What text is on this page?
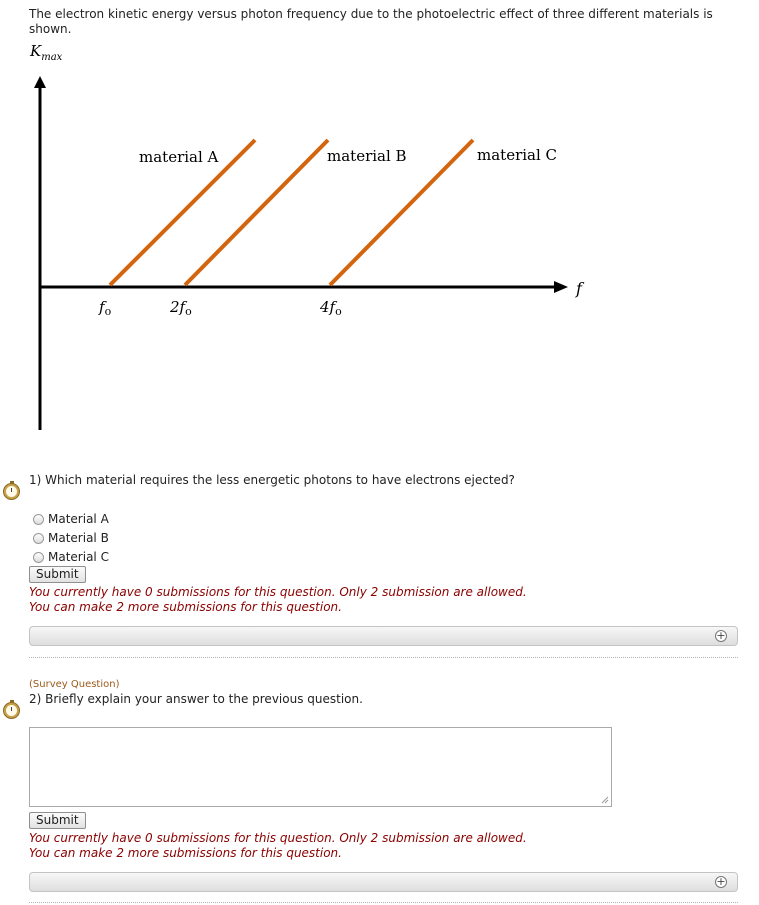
The electron kinetic energy versus photon frequency due to the photoelectric effect of three different materials is shown.
$K_{max}$
f
material A	material B	material C
$f_o$	$2f_o$	$4f_o$
1) Which material requires the less energetic photons to have electrons ejected?
Material A
Material B
Material C
Submit
You currently have 0 submissions for this question. Only 2 submission are allowed.
You can make 2 more submissions for this question.
+
(Survey Question)
2) Briefly explain your answer to the previous question.
Submit
You currently have 0 submissions for this question. Only 2 submission are allowed.
You can make 2 more submissions for this question.
+
